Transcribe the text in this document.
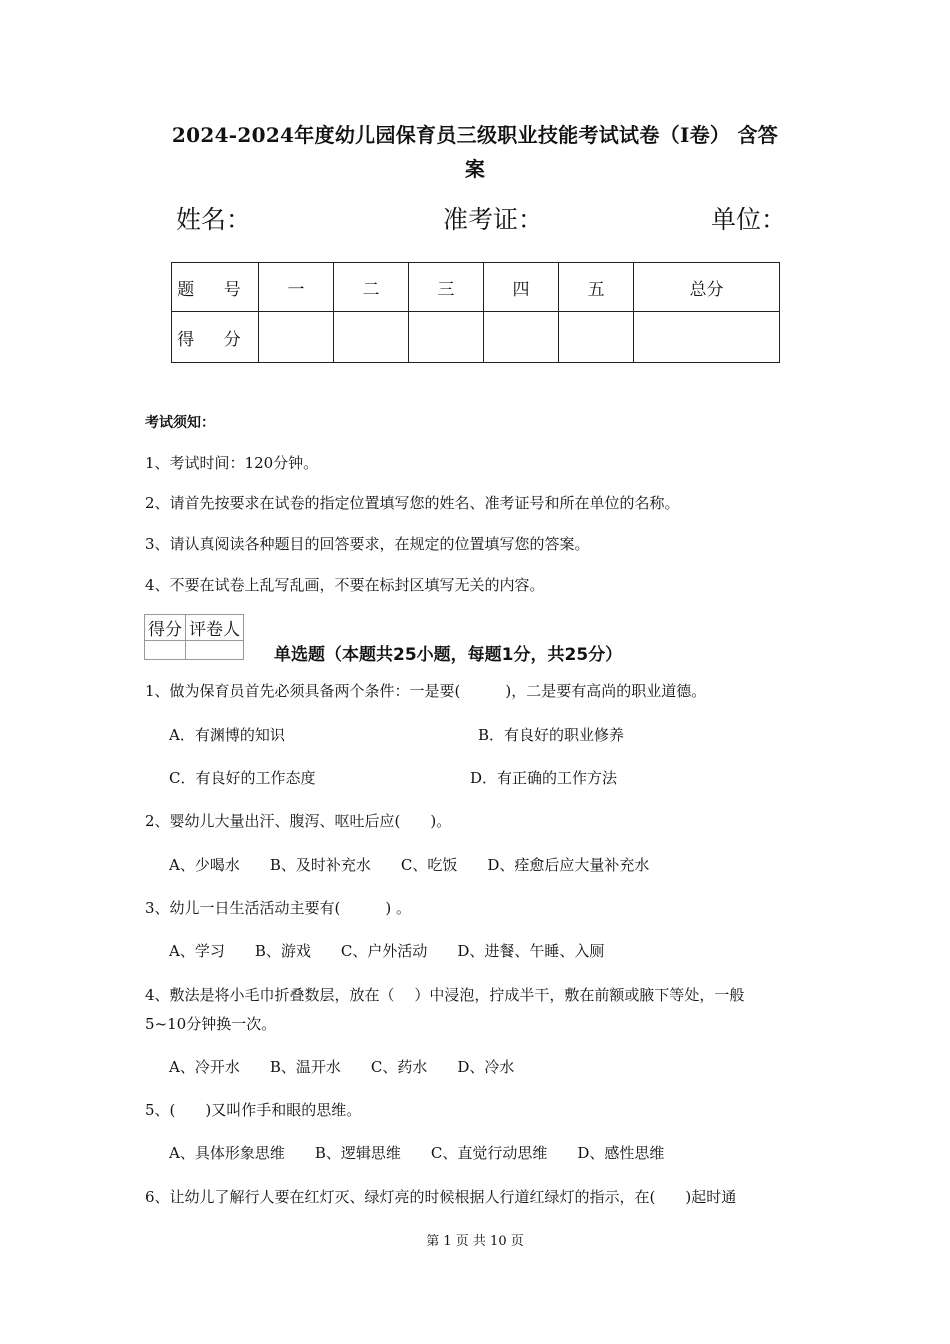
2024-2024年度幼儿园保育员三级职业技能考试试卷（I卷） 含答
案
姓名：	准考证：	单位：
题 号	一	二	三	四	五	总分
得 分						
考试须知：
1、考试时间：120分钟。
2、请首先按要求在试卷的指定位置填写您的姓名、准考证号和所在单位的名称。
3、请认真阅读各种题目的回答要求，在规定的位置填写您的答案。
4、不要在试卷上乱写乱画，不要在标封区填写无关的内容。
得分	评卷人

单选题（本题共25小题，每题1分，共25分）
1、做为保育员首先必须具备两个条件：一是要(　　　)，二是要有高尚的职业道德。
A．有渊博的知识	B．有良好的职业修养
C．有良好的工作态度	D．有正确的工作方法
2、婴幼儿大量出汗、腹泻、呕吐后应(　　)。
A、少喝水　　B、及时补充水　　C、吃饭　　D、痊愈后应大量补充水
3、幼儿一日生活活动主要有(　　　) 。
A、学习　　B、游戏　　C、户外活动　　D、进餐、午睡、入厕
4、敷法是将小毛巾折叠数层，放在（　 ）中浸泡，拧成半干，敷在前额或腋下等处，一般
5~10分钟换一次。
A、冷开水　　B、温开水　　C、药水　　D、冷水
5、(　　)又叫作手和眼的思维。
A、具体形象思维　　B、逻辑思维　　C、直觉行动思维　　D、感性思维
6、让幼儿了解行人要在红灯灭、绿灯亮的时候根据人行道红绿灯的指示，在(　　)起时通
第 1 页 共 10 页
